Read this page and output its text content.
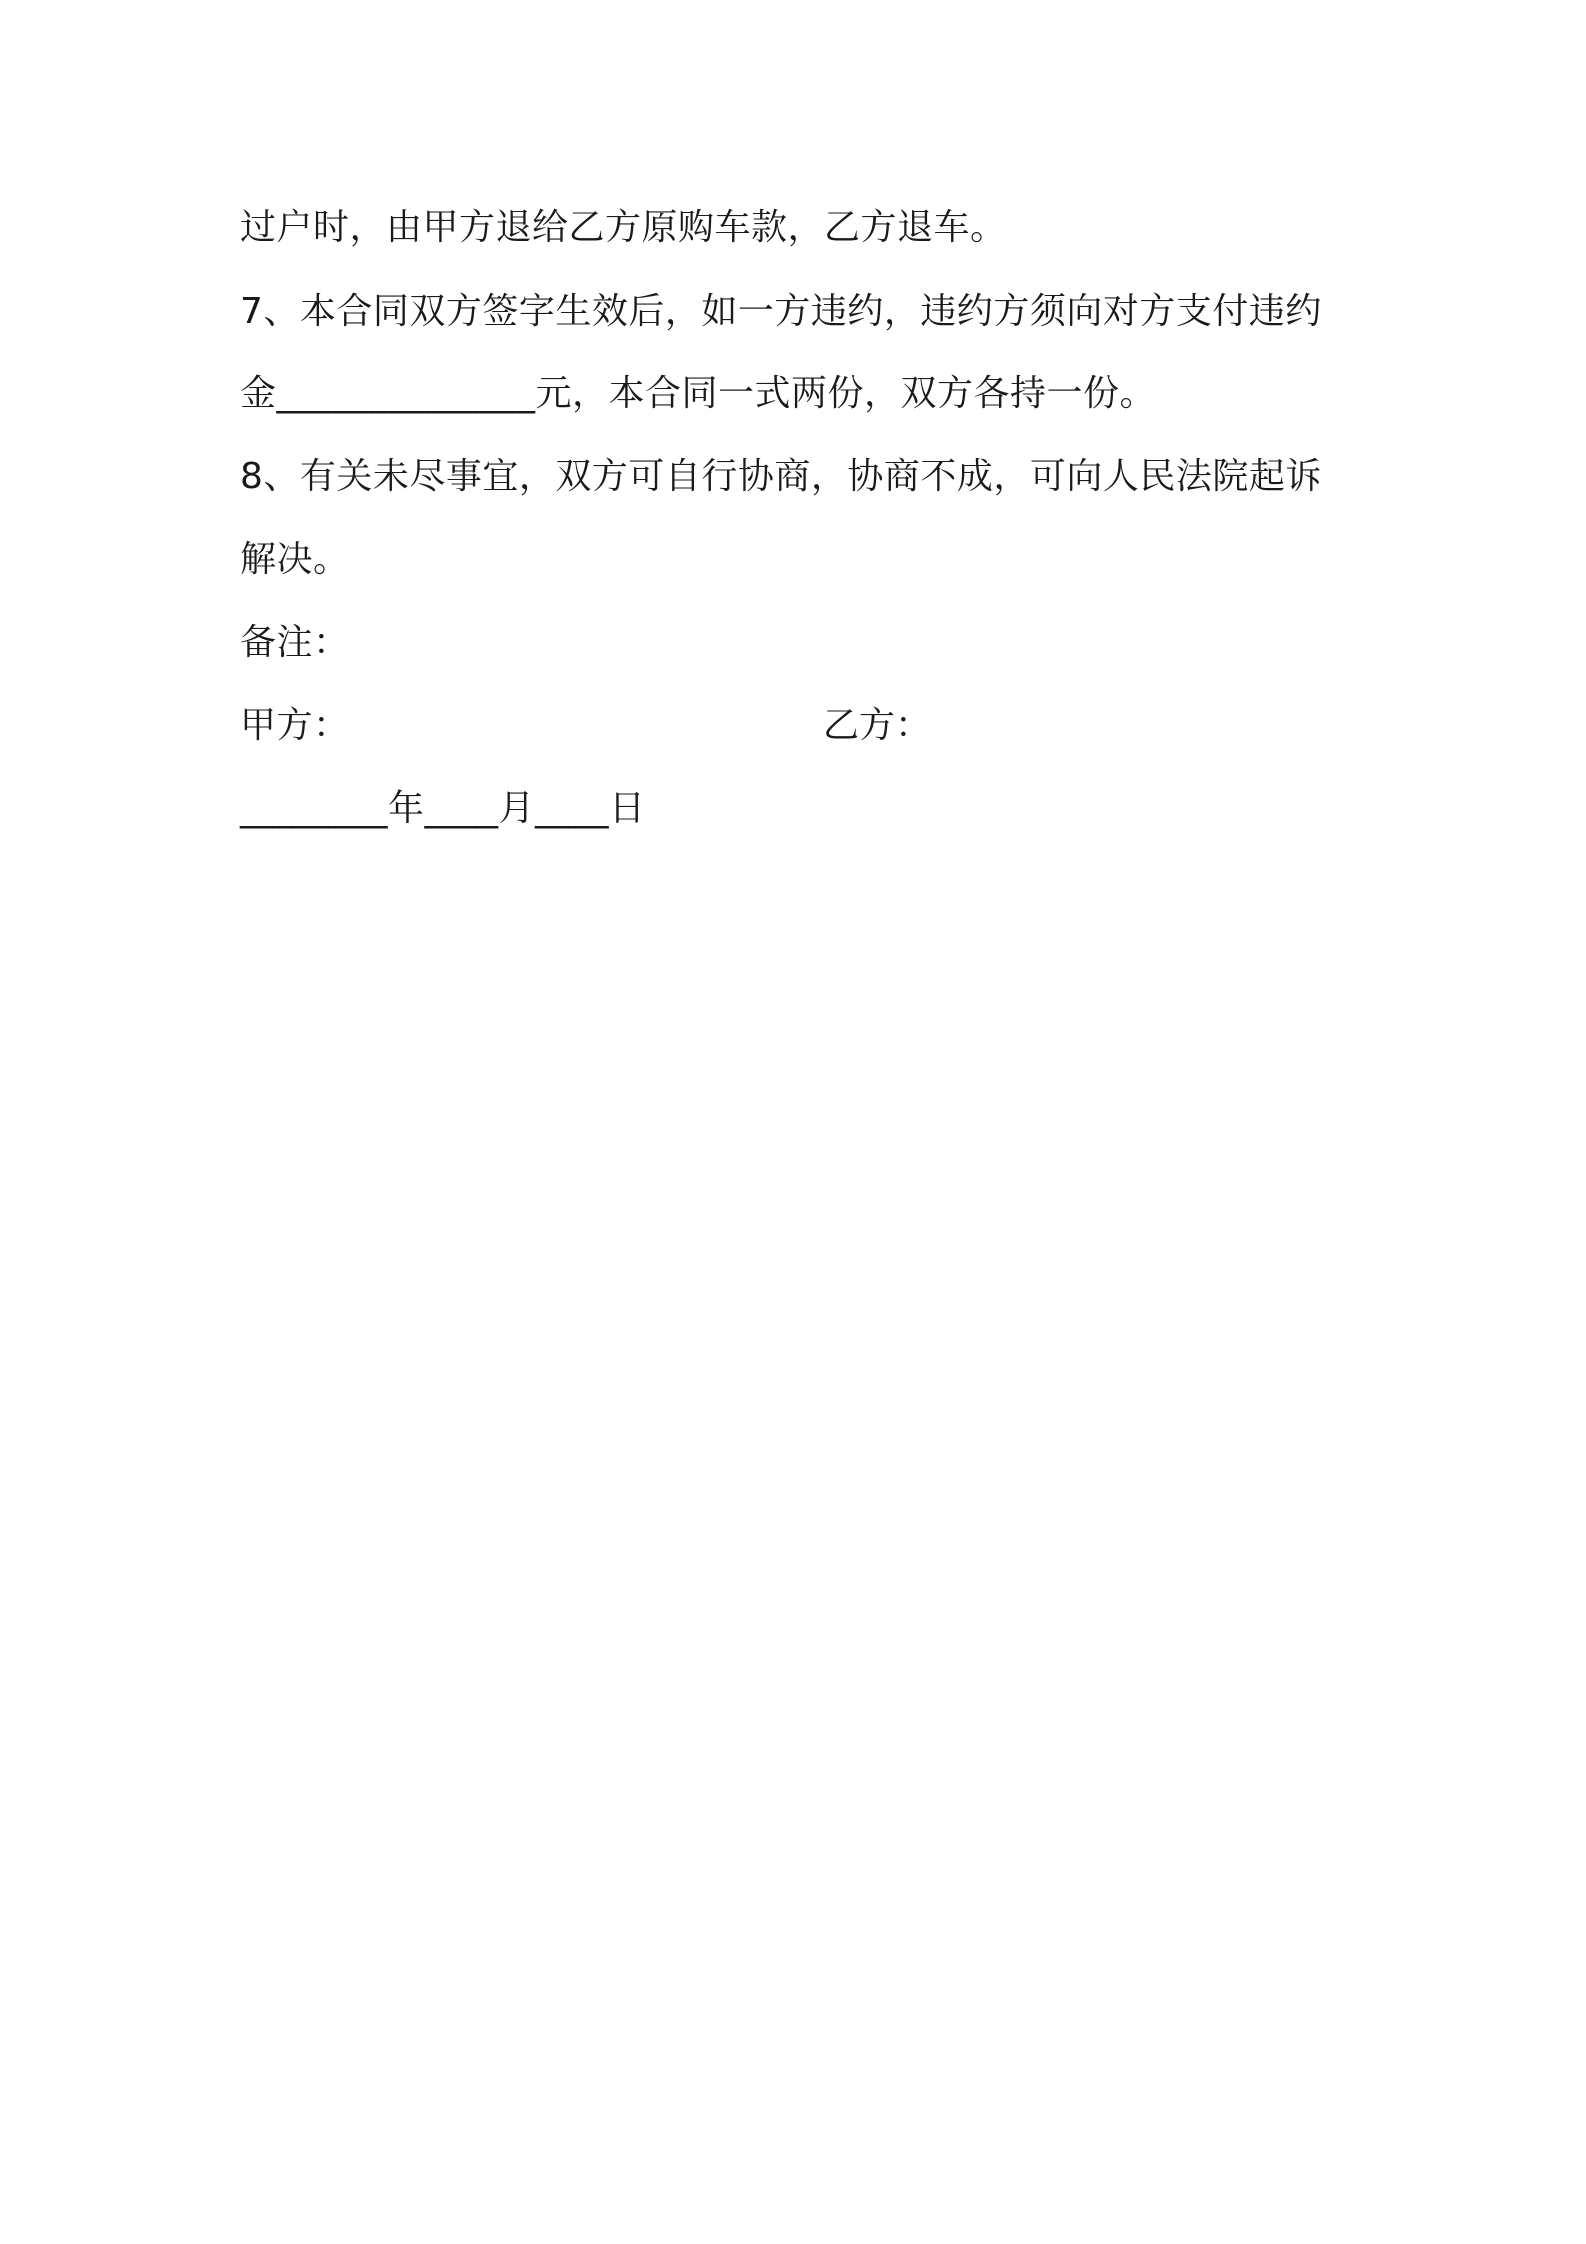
过户时，由甲方退给乙方原购车款，乙方退车。
7、本合同双方签字生效后，如一方违约，违约方须向对方支付违约
金______________元，本合同一式两份，双方各持一份。
8、有关未尽事宜，双方可自行协商，协商不成，可向人民法院起诉
解决。
备注：
甲方：	乙方：
________年____月____日
